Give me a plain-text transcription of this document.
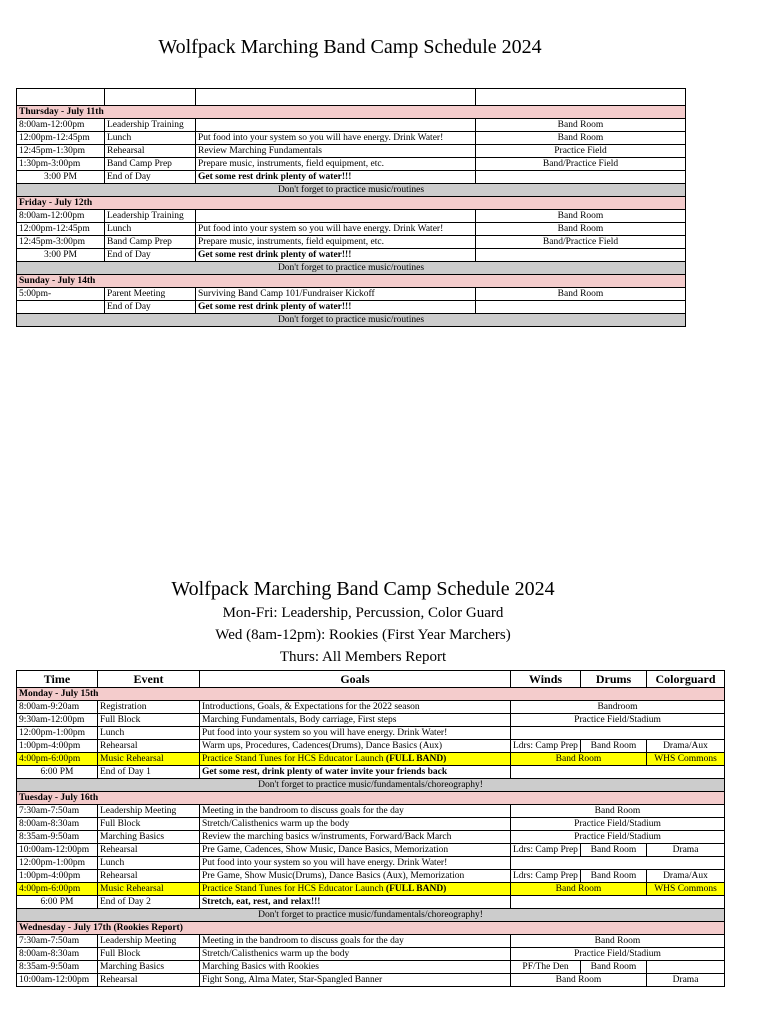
Wolfpack Marching Band Camp Schedule 2024

Thursday - July 11th			
8:00am-12:00pm	Leadership Training		Band Room
12:00pm-12:45pm	Lunch	Put food into your system so you will have energy. Drink Water!	Band Room
12:45pm-1:30pm	Rehearsal	Review Marching Fundamentals	Practice Field
1:30pm-3:00pm	Band Camp Prep	Prepare music, instruments, field equipment, etc.	Band/Practice Field
3:00 PM	End of Day	Get some rest drink plenty of water!!!	
Don't forget to practice music/routines			
Friday - July 12th			
8:00am-12:00pm	Leadership Training		Band Room
12:00pm-12:45pm	Lunch	Put food into your system so you will have energy. Drink Water!	Band Room
12:45pm-3:00pm	Band Camp Prep	Prepare music, instruments, field equipment, etc.	Band/Practice Field
3:00 PM	End of Day	Get some rest drink plenty of water!!!	
Don't forget to practice music/routines			
Sunday - July 14th			
5:00pm-	Parent Meeting	Surviving Band Camp 101/Fundraiser Kickoff	Band Room
	End of Day	Get some rest drink plenty of water!!!	
Don't forget to practice music/routines			
Wolfpack Marching Band Camp Schedule 2024
Mon-Fri: Leadership, Percussion, Color Guard
Wed (8am-12pm): Rookies (First Year Marchers)
Thurs: All Members Report
Time	Event	Goals	Winds	Drums	Colorguard
Monday - July 15th					
8:00am-9:20am	Registration	Introductions, Goals, & Expectations for the 2022 season	Bandroom		
9:30am-12:00pm	Full Block	Marching Fundamentals, Body carriage, First steps	Practice Field/Stadium		
12:00pm-1:00pm	Lunch	Put food into your system so you will have energy. Drink Water!			
1:00pm-4:00pm	Rehearsal	Warm ups, Procedures, Cadences(Drums), Dance Basics (Aux)	Ldrs: Camp Prep	Band Room	Drama/Aux
4:00pm-6:00pm	Music Rehearsal	Practice Stand Tunes for HCS Educator Launch (FULL BAND)	Band Room		WHS Commons
6:00 PM	End of Day 1	Get some rest, drink plenty of water invite your friends back			
Don't forget to practice music/fundamentals/choreography!					
Tuesday - July 16th					
7:30am-7:50am	Leadership Meeting	Meeting in the bandroom to discuss goals for the day	Band Room		
8:00am-8:30am	Full Block	Stretch/Calisthenics warm up the body	Practice Field/Stadium		
8:35am-9:50am	Marching Basics	Review the marching basics w/instruments, Forward/Back March	Practice Field/Stadium		
10:00am-12:00pm	Rehearsal	Pre Game, Cadences, Show Music, Dance Basics, Memorization	Ldrs: Camp Prep	Band Room	Drama
12:00pm-1:00pm	Lunch	Put food into your system so you will have energy. Drink Water!			
1:00pm-4:00pm	Rehearsal	Pre Game, Show Music(Drums), Dance Basics (Aux), Memorization	Ldrs: Camp Prep	Band Room	Drama/Aux
4:00pm-6:00pm	Music Rehearsal	Practice Stand Tunes for HCS Educator Launch (FULL BAND)	Band Room		WHS Commons
6:00 PM	End of Day 2	Stretch, eat, rest, and relax!!!			
Don't forget to practice music/fundamentals/choreography!					
Wednesday - July 17th (Rookies Report)					
7:30am-7:50am	Leadership Meeting	Meeting in the bandroom to discuss goals for the day	Band Room		
8:00am-8:30am	Full Block	Stretch/Calisthenics warm up the body	Practice Field/Stadium		
8:35am-9:50am	Marching Basics	Marching Basics with Rookies	PF/The Den	Band Room	
10:00am-12:00pm	Rehearsal	Fight Song, Alma Mater, Star-Spangled Banner	Band Room		Drama
